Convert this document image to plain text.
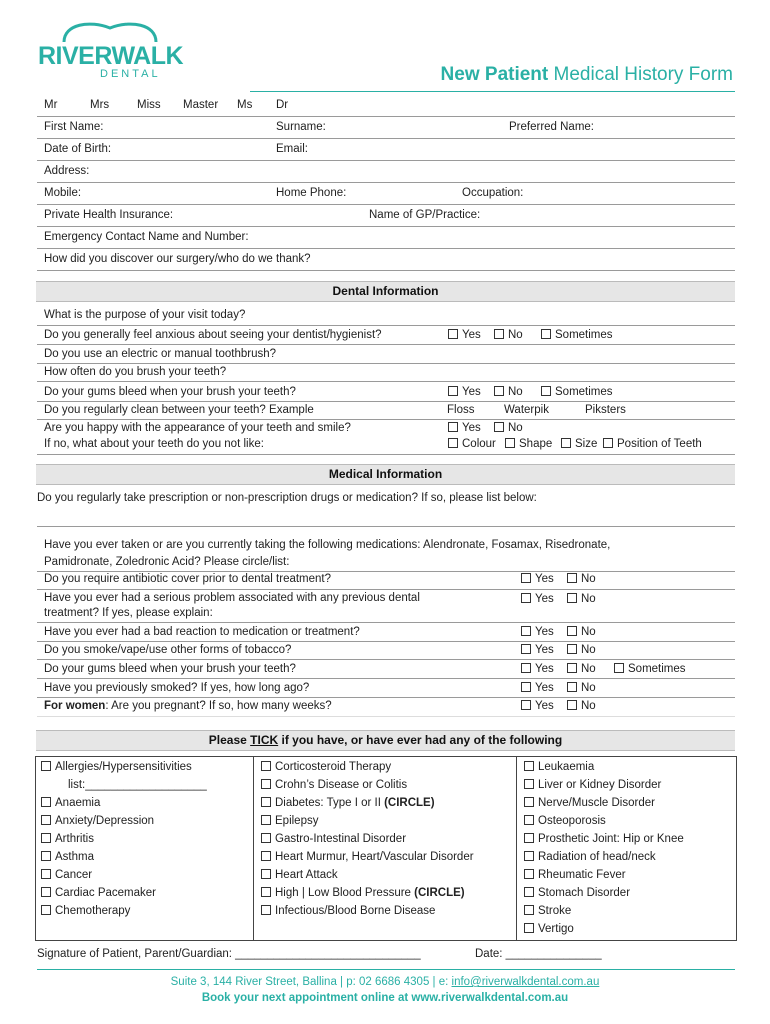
RIVERWALK
DENTAL	New Patient Medical History Form
Mr	Mrs Miss Master Ms Dr
First Name:	Surname:	Preferred Name:
Date of Birth:	Email:
Address:
Mobile:	Home Phone:	Occupation:
Private Health Insurance:	Name of GP/Practice:
Emergency Contact Name and Number:
How did you discover our surgery/who do we thank?
Dental Information
What is the purpose of your visit today?
Do you generally feel anxious about seeing your dentist/hygienist?	Yes	No	Sometimes
Do you use an electric or manual toothbrush?
How often do you brush your teeth?
Do your gums bleed when your brush your teeth?	Yes	No	Sometimes
Do you regularly clean between your teeth? Example	Floss	Waterpik	Piksters
Are you happy with the appearance of your teeth and smile?	Yes	No
If no, what about your teeth do you not like:	Colour	Shape	Size	Position of Teeth
Medical Information
Do you regularly take prescription or non-prescription drugs or medication? If so, please list below:
Have you ever taken or are you currently taking the following medications: Alendronate, Fosamax, Risedronate,
Pamidronate, Zoledronic Acid? Please circle/list:
Do you require antibiotic cover prior to dental treatment?	Yes	No
Have you ever had a serious problem associated with any previous dental
treatment? If yes, please explain:
Yes	No
Have you ever had a bad reaction to medication or treatment?	Yes	No
Do you smoke/vape/use other forms of tobacco?	Yes	No
Do your gums bleed when your brush your teeth?	Yes	No	Sometimes
Have you previously smoked? If yes, how long ago?	Yes	No
For women: Are you pregnant? If so, how many weeks?	Yes	No
Please TICK if you have, or have ever had any of the following
Allergies/Hypersensitivities
list:___________________
Anaemia
Anxiety/Depression
Arthritis
Asthma
Cancer
Cardiac Pacemaker
Chemotherapy
Corticosteroid Therapy
Crohn’s Disease or Colitis
Diabetes: Type I or II (CIRCLE)
Epilepsy
Gastro-Intestinal Disorder
Heart Murmur, Heart/Vascular Disorder
Heart Attack
High | Low Blood Pressure (CIRCLE)
Infectious/Blood Borne Disease
Leukaemia
Liver or Kidney Disorder
Nerve/Muscle Disorder
Osteoporosis
Prosthetic Joint: Hip or Knee
Radiation of head/neck
Rheumatic Fever
Stomach Disorder
Stroke
Vertigo
Signature of Patient, Parent/Guardian: _____________________________	Date: _______________
Suite 3, 144 River Street, Ballina | p: 02 6686 4305 | e: info@riverwalkdental.com.au
Book your next appointment online at www.riverwalkdental.com.au
